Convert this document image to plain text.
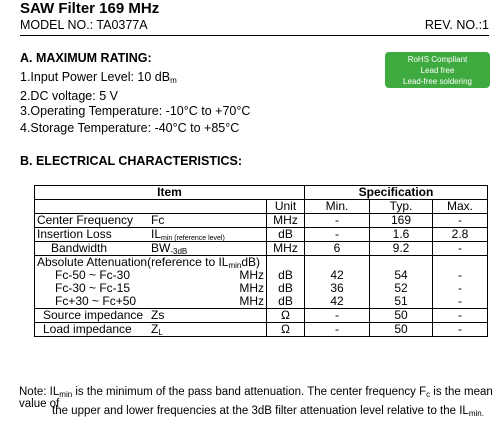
SAW Filter 169 MHz
MODEL NO.: TA0377A	REV. NO.:1
A. MAXIMUM RATING:
1.Input Power Level: 10 $dB_m$
2.DC voltage: 5 V
3.Operating Temperature: -10°C to +70°C
4.Storage Temperature: -40°C to +85°C
RoHS Compliant
Lead free
Lead-free soldering
B. ELECTRICAL CHARACTERISTICS:
Item		Specification		
	Unit	Min.	Typ.	Max.
Center Frequency Fc	MHz	-	169	-
Insertion Loss $IL_{min (reference level)}$	dB	-	1.6	2.8
Bandwidth $BW_{-3dB}$	MHz	6	9.2	-
Absolute Attenuation(reference to $IL_{min}dB$)				

Fc-50 ~ Fc-30 MHz	dB	42	54	-

Fc-30 ~ Fc-15 MHz	dB	36	52	-

Fc+30 ~ Fc+50 MHz	dB	42	51	-
Source impedance Zs	Ω	-	50	-
Load impedance $Z_L$	Ω	-	50	-
Note: $IL_{min}$ is the minimum of the pass band attenuation. The center frequency $F_c$ is the mean value of
the upper and lower frequencies at the 3dB filter attenuation level relative to the $IL_{min.}$
